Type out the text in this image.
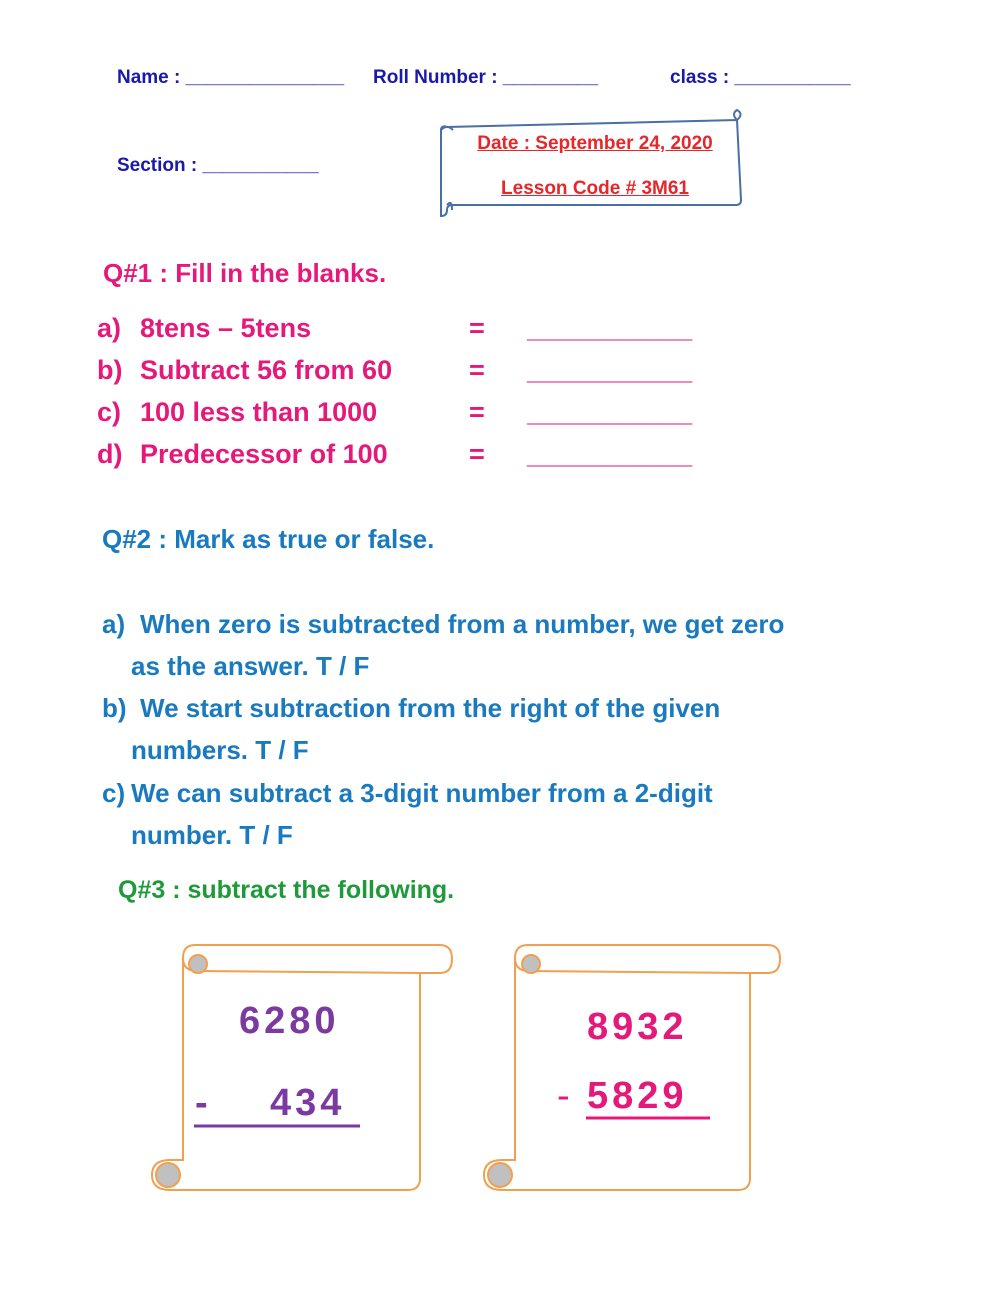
Name : _______________ Roll Number : _________	class : ___________
Section : ___________
Date : September 24, 2020
Lesson Code # 3M61
Q#1 : Fill in the blanks.
a) 8tens – 5tens	= ___________
b) Subtract 56 from 60	= ___________
c) 100 less than 1000	= ___________
d) Predecessor of 100	= ___________
Q#2 : Mark as true or false.
a) When zero is subtracted from a number, we get zero
as the answer. T / F
b) We start subtraction from the right of the given
numbers. T / F
c) We can subtract a 3-digit number from a 2-digit
number. T / F
Q#3 : subtract the following.
6280
- 434
8932
- 5829
